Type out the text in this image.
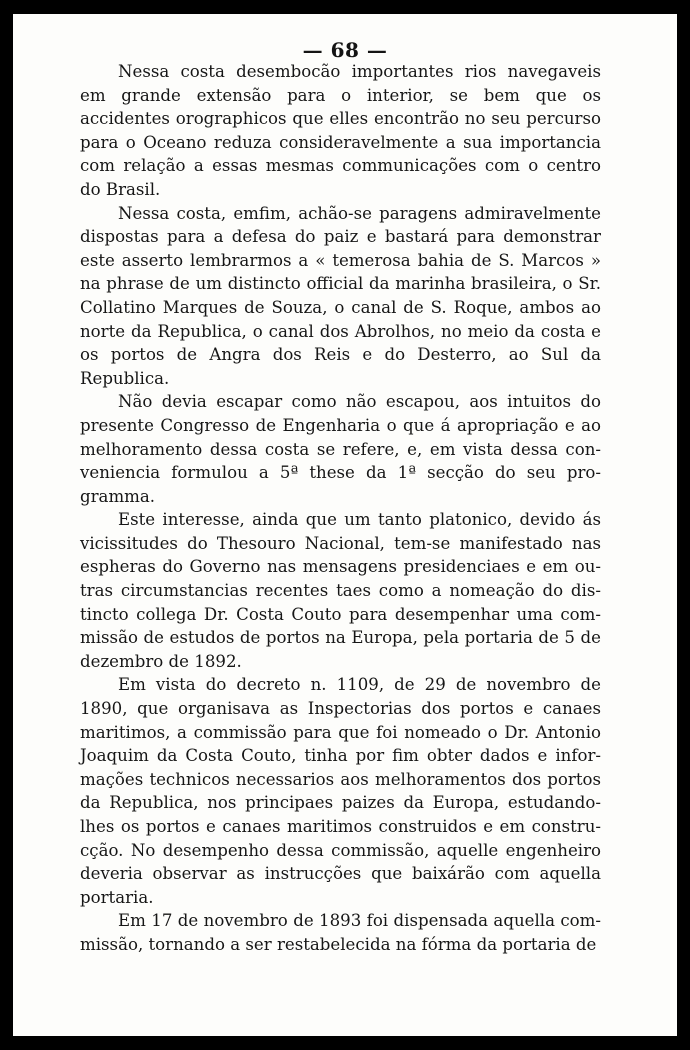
— 68 —

Nessa costa desembocão importantes rios navegaveis em grande extensão para o interior, se bem que os accidentes orographicos que elles encontrão no seu percurso para o Oceano reduza consideravelmente a sua importancia com relação a essas mesmas communicações com o centro do Brasil.

Nessa costa, emfim, achão-se paragens admiravelmente dispostas para a defesa do paiz e bastará para demonstrar este asserto lembrarmos a « temerosa bahia de S. Marcos » na phrase de um distincto official da marinha brasileira, o Sr. Collatino Marques de Souza, o canal de S. Roque, ambos ao norte da Republica, o canal dos Abrolhos, no meio da costa e os portos de Angra dos Reis e do Desterro, ao Sul da Republica.

Não devia escapar como não escapou, aos intuitos do presente Congresso de Engenharia o que á apropriação e ao melhoramento dessa costa se refere, e, em vista dessa conveniencia formulou a 5ª these da 1ª secção do seu programma.

Este interesse, ainda que um tanto platonico, devido ás vicissitudes do Thesouro Nacional, tem-se manifestado nas espheras do Governo nas mensagens presidenciaes e em outras circumstancias recentes taes como a nomeação do distincto collega Dr. Costa Couto para desempenhar uma commissão de estudos de portos na Europa, pela portaria de 5 de dezembro de 1892.

Em vista do decreto n. 1109, de 29 de novembro de 1890, que organisava as Inspectorias dos portos e canaes maritimos, a commissão para que foi nomeado o Dr. Antonio Joaquim da Costa Couto, tinha por fim obter dados e informações technicos necessarios aos melhoramentos dos portos da Republica, nos principaes paizes da Europa, estudando-lhes os portos e canaes maritimos construidos e em construcção. No desempenho dessa commissão, aquelle engenheiro deveria observar as instrucções que baixárão com aquella portaria.

Em 17 de novembro de 1893 foi dispensada aquella commissão, tornando a ser restabelecida na fórma da portaria de
